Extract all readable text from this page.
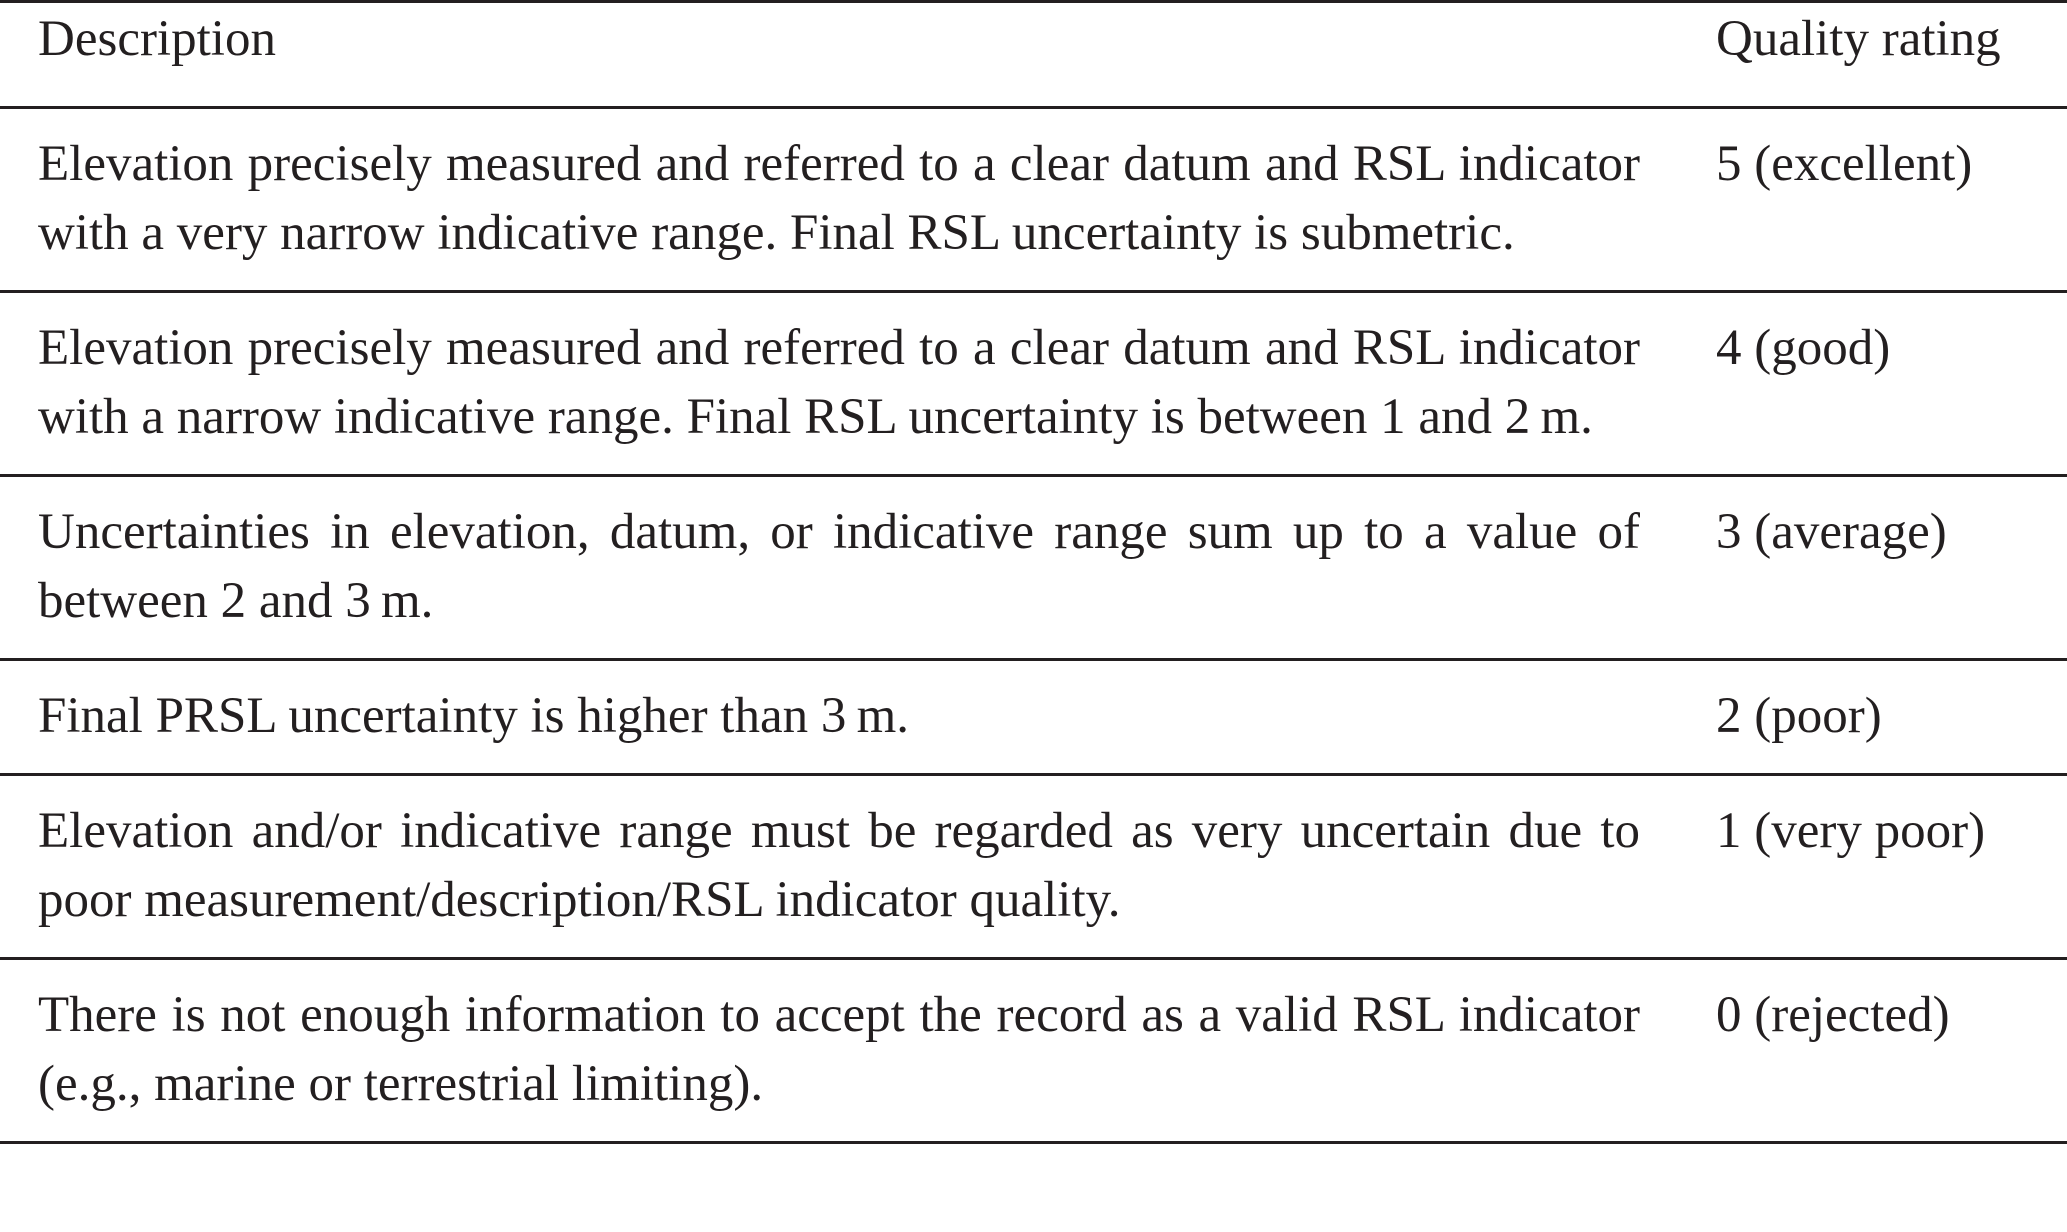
Description	Quality rating
Elevation precisely measured and referred to a clear datum and RSL indicator with a very narrow indicative range. Final RSL uncertainty is submetric.	5 (excellent)
Elevation precisely measured and referred to a clear datum and RSL indicator with a narrow indicative range. Final RSL uncertainty is between 1 and 2 m.	4 (good)
Uncertainties in elevation, datum, or indicative range sum up to a value of between 2 and 3 m.	3 (average)
Final PRSL uncertainty is higher than 3 m.	2 (poor)
Elevation and/or indicative range must be regarded as very uncertain due to poor measurement/description/RSL indicator quality.	1 (very poor)
There is not enough information to accept the record as a valid RSL indicator (e.g., marine or terrestrial limiting).	0 (rejected)
